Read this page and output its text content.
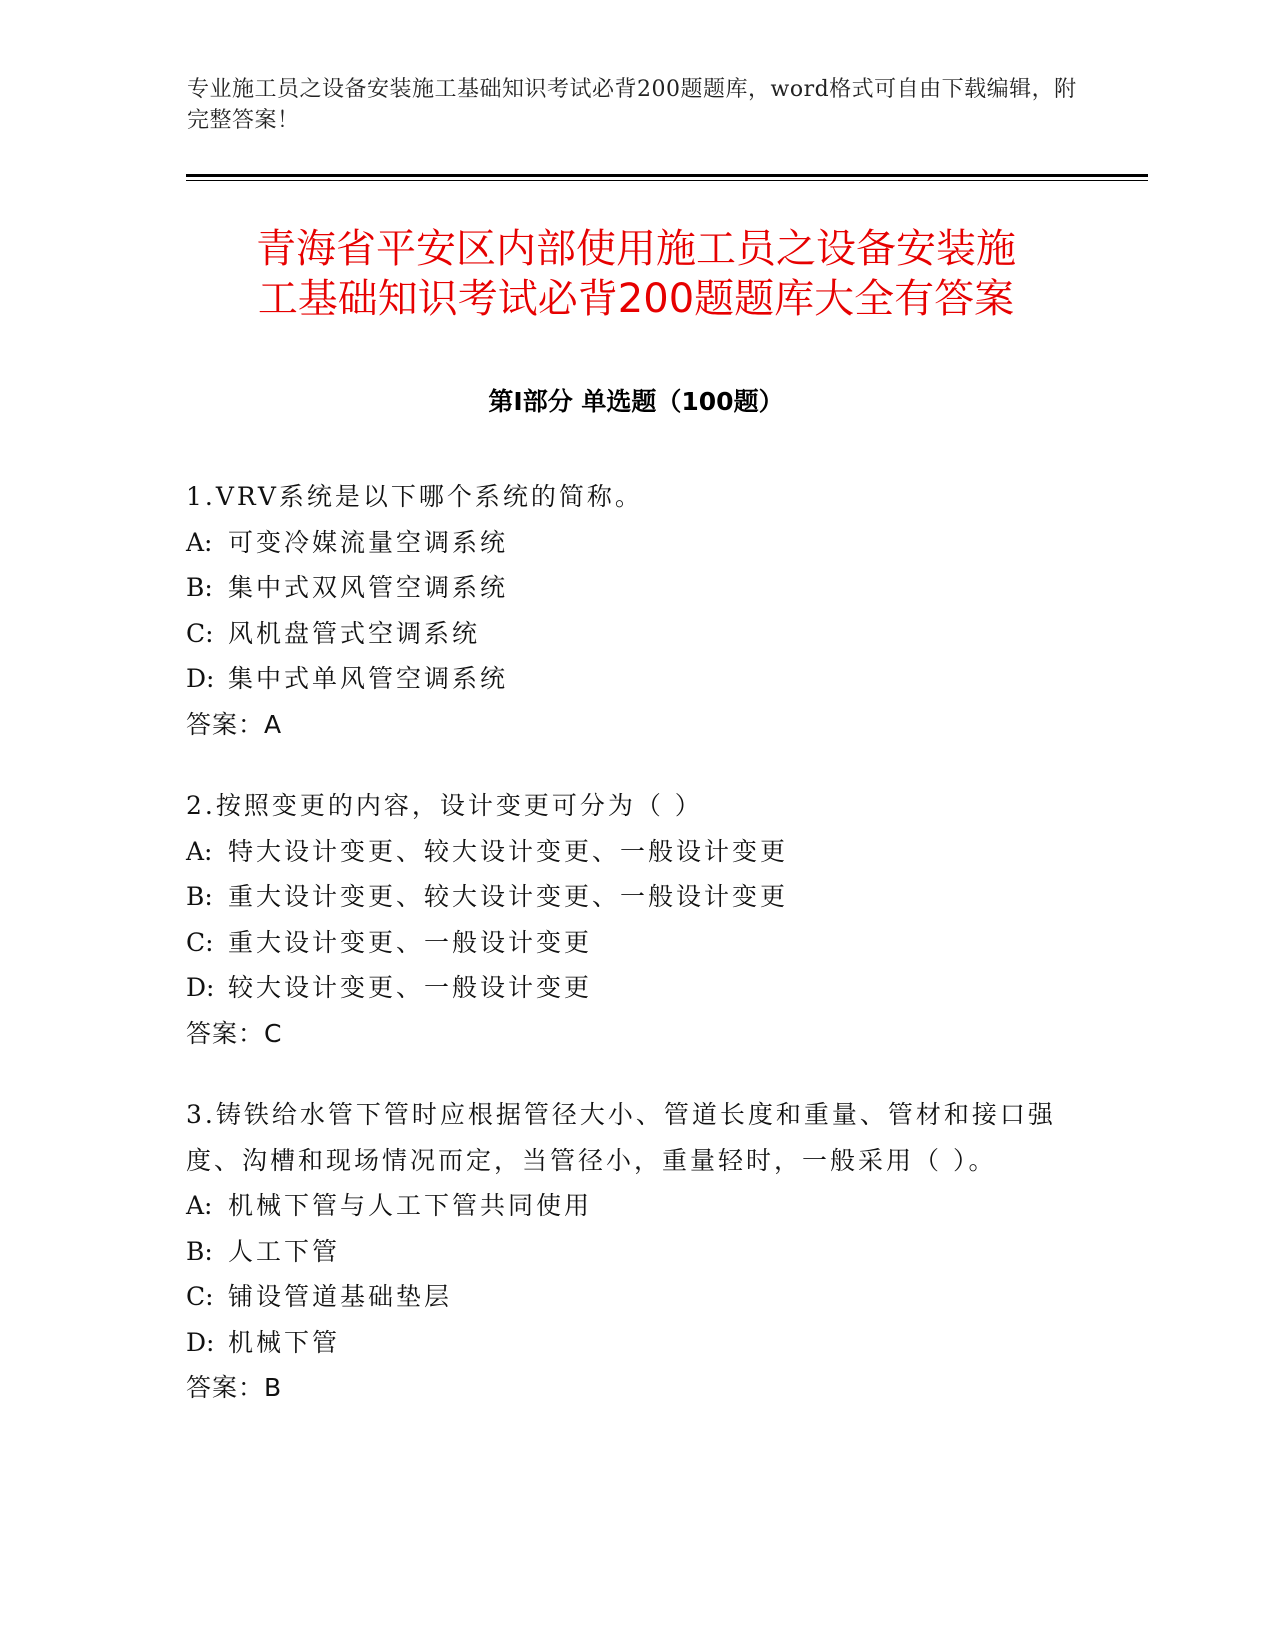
专业施工员之设备安装施工基础知识考试必背200题题库，word格式可自由下载编辑，附完整答案！
青海省平安区内部使用施工员之设备安装施
工基础知识考试必背200题题库大全有答案
第Ⅰ部分 单选题（100题）
1.VRV系统是以下哪个系统的简称。
A: 可变冷媒流量空调系统
B: 集中式双风管空调系统
C: 风机盘管式空调系统
D: 集中式单风管空调系统
答案：A
2.按照变更的内容，设计变更可分为（ ）
A: 特大设计变更、较大设计变更、一般设计变更
B: 重大设计变更、较大设计变更、一般设计变更
C: 重大设计变更、一般设计变更
D: 较大设计变更、一般设计变更
答案：C
3.铸铁给水管下管时应根据管径大小、管道长度和重量、管材和接口强度、沟槽和现场情况而定，当管径小，重量轻时，一般采用（ ）。
A: 机械下管与人工下管共同使用
B: 人工下管
C: 铺设管道基础垫层
D: 机械下管
答案：B
